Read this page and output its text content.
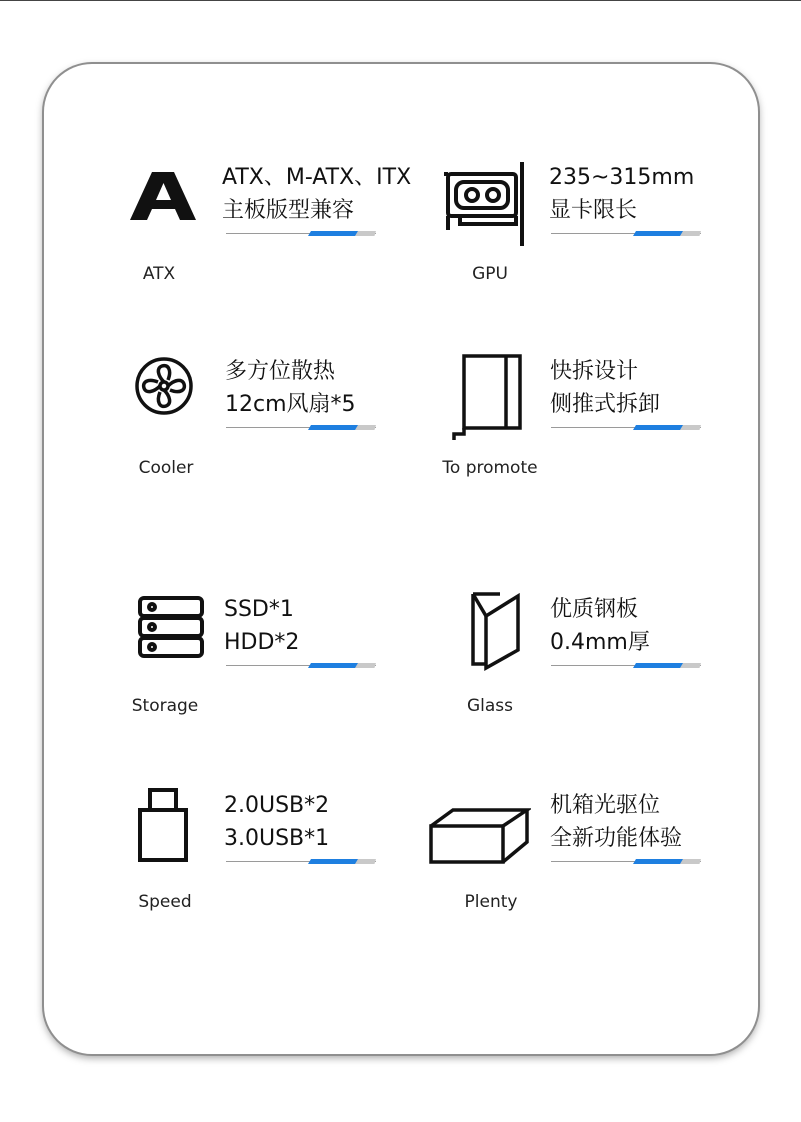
ATX
ATX、M-ATX、ITX
主板版型兼容
GPU
235~315mm
显卡限长
Cooler
多方位散热
12cm风扇*5
To promote
快拆设计
侧推式拆卸
Storage
SSD*1
HDD*2
Glass
优质钢板
0.4mm厚
Speed
2.0USB*2
3.0USB*1
Plenty
机箱光驱位
全新功能体验
